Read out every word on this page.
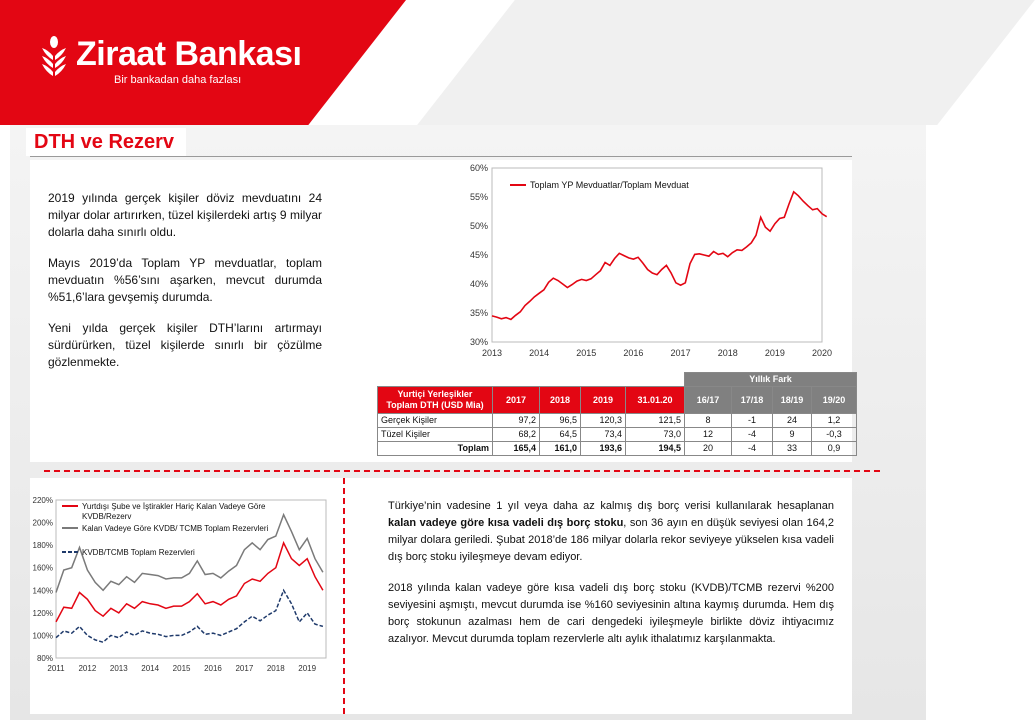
Ziraat Bankası
Bir bankadan daha fazlası
DTH ve Rezerv

2019 yılında gerçek kişiler döviz mevduatını 24 milyar dolar artırırken, tüzel kişilerdeki artış 9 milyar dolarla daha sınırlı oldu.

Mayıs 2019’da Toplam YP mevduatlar, toplam mevduatın %56’sını aşarken, mevcut durumda %51,6’lara gevşemiş durumda.

Yeni yılda gerçek kişiler DTH’larını artırmayı sürdürürken, tüzel kişilerde sınırlı bir çözülme gözlenmekte.

60%
55%
50%
45%
40%
35%
30%
2013	2014	2015	2016	2017	2018	2019	2020
Toplam YP Mevduatlar/Toplam Mevduat
					Yıllık Fark			

Yurtiçi Yerleşikler
Toplam DTH (USD Mia)	2017	2018	2019	31.01.20	16/17	17/18	18/19	19/20
Gerçek Kişiler	97,2	96,5	120,3	121,5	8	-1	24	1,2
Tüzel Kişiler	68,2	64,5	73,4	73,0	12	-4	9	-0,3
Toplam	165,4	161,0	193,6	194,5	20	-4	33	0,9
220%
200%
180%
160%
140%
120%
100%
80%
2011 2012 2013 2014 2015 2016 2017 2018 2019
Yurtdışı Şube ve İştirakler Hariç Kalan Vadeye Göre KVDB/Rezerv
Kalan Vadeye Göre KVDB/ TCMB Toplam Rezervleri
KVDB/TCMB Toplam Rezervleri

Türkiye’nin vadesine 1 yıl veya daha az kalmış dış borç verisi kullanılarak hesaplanan kalan vadeye göre kısa vadeli dış borç stoku, son 36 ayın en düşük seviyesi olan 164,2 milyar dolara geriledi. Şubat 2018’de 186 milyar dolarla rekor seviyeye yükselen kısa vadeli dış borç stoku iyileşmeye devam ediyor.

2018 yılında kalan vadeye göre kısa vadeli dış borç stoku (KVDB)/TCMB rezervi %200 seviyesini aşmıştı, mevcut durumda ise %160 seviyesinin altına kaymış durumda. Hem dış borç stokunun azalması hem de cari dengedeki iyileşmeyle birlikte döviz ihtiyacımız azalıyor. Mevcut durumda toplam rezervlerle altı aylık ithalatımız karşılanmakta.
